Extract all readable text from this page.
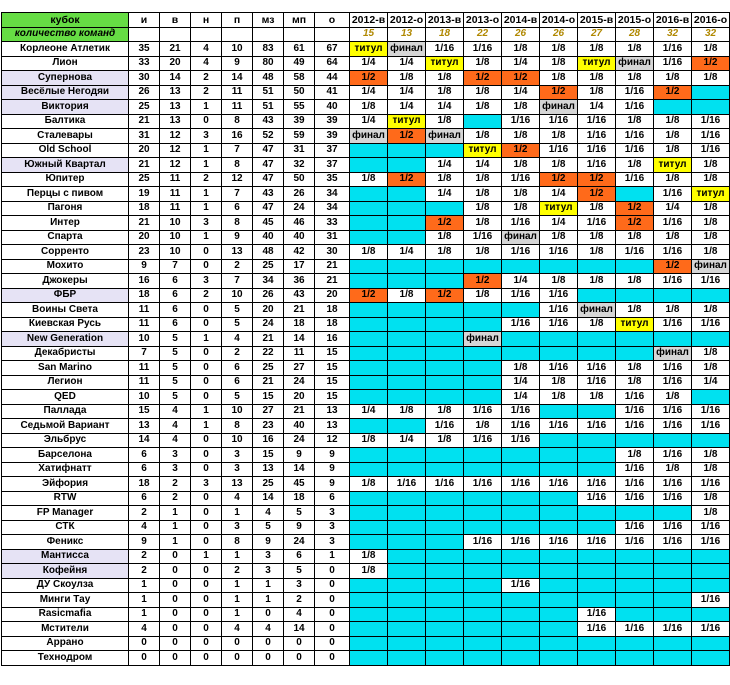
кубок	и	в	н	п	мз	мп	о	2012-в	2012-о	2013-в	2013-о	2014-в	2014-о	2015-в	2015-о	2016-в	2016-о
количество команд								15	13	18	22	26	26	27	28	32	32
Корлеоне Атлетик	35	21	4	10	83	61	67	титул	финал	1/16	1/16	1/8	1/8	1/8	1/8	1/16	1/8
Лион	33	20	4	9	80	49	64	1/4	1/4	титул	1/8	1/4	1/8	титул	финал	1/16	1/2
Супернова	30	14	2	14	48	58	44	1/2	1/8	1/8	1/2	1/2	1/8	1/8	1/8	1/8	1/8
Весёлые Негодяи	26	13	2	11	51	50	41	1/4	1/4	1/8	1/8	1/4	1/2	1/8	1/16	1/2	
Виктория	25	13	1	11	51	55	40	1/8	1/4	1/4	1/8	1/8	финал	1/4	1/16		
Балтика	21	13	0	8	43	39	39	1/4	титул	1/8		1/16	1/16	1/16	1/8	1/8	1/16
Сталевары	31	12	3	16	52	59	39	финал	1/2	финал	1/8	1/8	1/8	1/16	1/16	1/8	1/16
Old School	20	12	1	7	47	31	37				титул	1/2	1/16	1/16	1/16	1/8	1/16
Южный Квартал	21	12	1	8	47	32	37			1/4	1/4	1/8	1/8	1/16	1/8	титул	1/8
Юпитер	25	11	2	12	47	50	35	1/8	1/2	1/8	1/8	1/16	1/2	1/2	1/16	1/8	1/8
Перцы с пивом	19	11	1	7	43	26	34			1/4	1/8	1/8	1/4	1/2		1/16	титул
Пагоня	18	11	1	6	47	24	34				1/8	1/8	титул	1/8	1/2	1/4	1/8
Интер	21	10	3	8	45	46	33			1/2	1/8	1/16	1/4	1/16	1/2	1/16	1/8
Спарта	20	10	1	9	40	40	31			1/8	1/16	финал	1/8	1/8	1/8	1/8	1/8
Сорренто	23	10	0	13	48	42	30	1/8	1/4	1/8	1/8	1/16	1/16	1/8	1/16	1/16	1/8
Мохито	9	7	0	2	25	17	21									1/2	финал
Джокеры	16	6	3	7	34	36	21				1/2	1/4	1/8	1/8	1/8	1/16	1/16
ФБР	18	6	2	10	26	43	20	1/2	1/8	1/2	1/8	1/16	1/16				
Воины Света	11	6	0	5	20	21	18						1/16	финал	1/8	1/8	1/8
Киевская Русь	11	6	0	5	24	18	18					1/16	1/16	1/8	титул	1/16	1/16
New Generation	10	5	1	4	21	14	16				финал						
Декабристы	7	5	0	2	22	11	15									финал	1/8
San Marino	11	5	0	6	25	27	15					1/8	1/16	1/16	1/8	1/16	1/8
Легион	11	5	0	6	21	24	15					1/4	1/8	1/16	1/8	1/16	1/4
QED	10	5	0	5	15	20	15					1/4	1/8	1/8	1/16	1/8	
Паллада	15	4	1	10	27	21	13	1/4	1/8	1/8	1/16	1/16			1/16	1/16	1/16
Седьмой Вариант	13	4	1	8	23	40	13			1/16	1/8	1/16	1/16	1/16	1/16	1/16	1/16
Эльбрус	14	4	0	10	16	24	12	1/8	1/4	1/8	1/16	1/16					
Барселона	6	3	0	3	15	9	9								1/8	1/16	1/8
Хатифнатт	6	3	0	3	13	14	9								1/16	1/8	1/8
Эйфория	18	2	3	13	25	45	9	1/8	1/16	1/16	1/16	1/16	1/16	1/16	1/16	1/16	1/16
RTW	6	2	0	4	14	18	6							1/16	1/16	1/16	1/8
FP Manager	2	1	0	1	4	5	3										1/8
СТК	4	1	0	3	5	9	3								1/16	1/16	1/16
Феникс	9	1	0	8	9	24	3				1/16	1/16	1/16	1/16	1/16	1/16	1/16
Мантисса	2	0	1	1	3	6	1	1/8									
Кофейня	2	0	0	2	3	5	0	1/8									
ДУ Скоулза	1	0	0	1	1	3	0					1/16					
Минги Тау	1	0	0	1	1	2	0										1/16
Rasicmafia	1	0	0	1	0	4	0							1/16			
Мстители	4	0	0	4	4	14	0							1/16	1/16	1/16	1/16
Аррано	0	0	0	0	0	0	0										
Технодром	0	0	0	0	0	0	0										
